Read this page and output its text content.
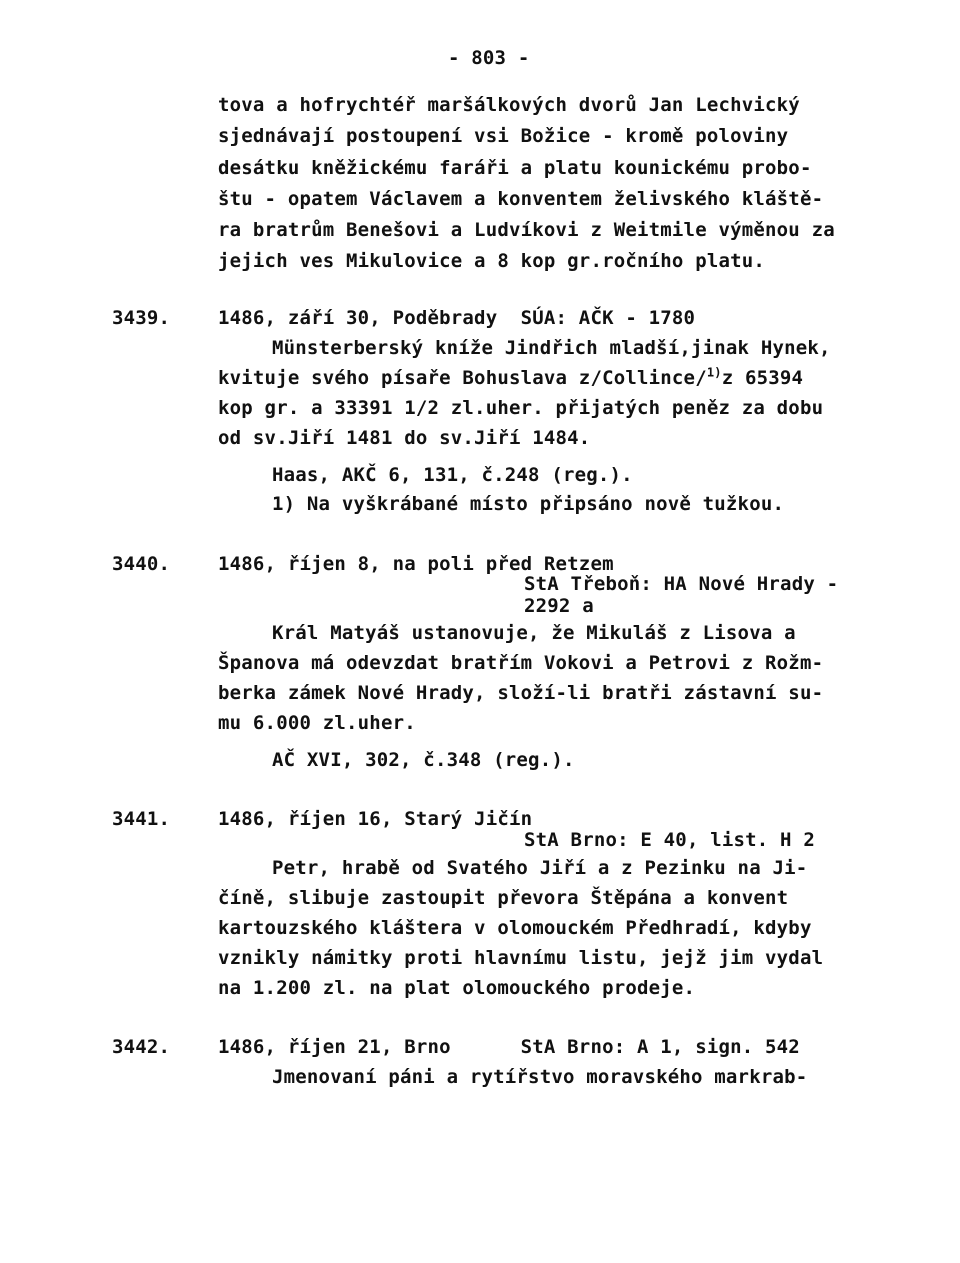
- 803 -
tova a hofrychtéř maršálkových dvorů Jan Lechvický
sjednávají postoupení vsi Božice - kromě poloviny
desátku kněžickému faráři a platu kounickému probo-
štu - opatem Václavem a konventem želivského kláště-
ra bratrům Benešovi a Ludvíkovi z Weitmile výměnou za
jejich ves Mikulovice a 8 kop gr.ročního platu.
3439.	1486, září 30, Poděbrady  SÚA: AČK - 1780
Münsterberský kníže Jindřich mladší,jinak Hynek,
kvituje svého písaře Bohuslava z/Collince/$^{1)}$z 65394
kop gr. a 33391 1/2 zl.uher. přijatých peněz za dobu
od sv.Jiří 1481 do sv.Jiří 1484.
Haas, AKČ 6, 131, č.248 (reg.).
1) Na vyškrábané místo připsáno nově tužkou.
3440.	1486, říjen 8, na poli před Retzem
StA Třeboň: HA Nové Hrady -
2292 a
Král Matyáš ustanovuje, že Mikuláš z Lisova a
Španova má odevzdat bratřím Vokovi a Petrovi z Rožm-
berka zámek Nové Hrady, složí-li bratři zástavní su-
mu 6.000 zl.uher.
AČ XVI, 302, č.348 (reg.).
3441.	1486, říjen 16, Starý Jičín
StA Brno: E 40, list. H 2
Petr, hrabě od Svatého Jiří a z Pezinku na Ji-
číně, slibuje zastoupit převora Štěpána a konvent
kartouzského kláštera v olomouckém Předhradí, kdyby
vznikly námitky proti hlavnímu listu, jejž jim vydal
na 1.200 zl. na plat olomouckého prodeje.
3442.	1486, říjen 21, Brno      StA Brno: A 1, sign. 542
Jmenovaní páni a rytířstvo moravského markrab-
